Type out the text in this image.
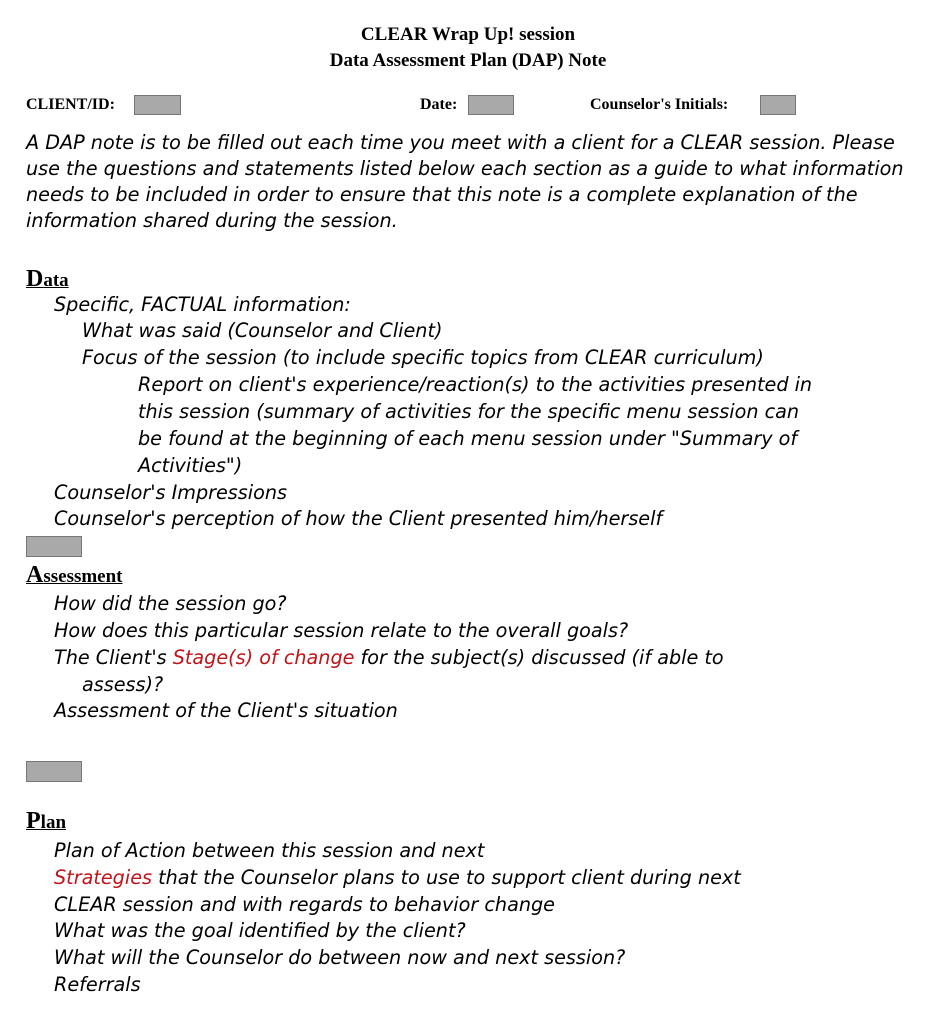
CLEAR Wrap Up! session
Data Assessment Plan (DAP) Note
CLIENT/ID:	Date:	Counselor's Initials:
A DAP note is to be filled out each time you meet with a client for a CLEAR session. Please use the questions and statements listed below each section as a guide to what information needs to be included in order to ensure that this note is a complete explanation of the information shared during the session.
Data
Specific, FACTUAL information:
What was said (Counselor and Client)
Focus of the session (to include specific topics from CLEAR curriculum)
Report on client's experience/reaction(s) to the activities presented in
this session (summary of activities for the specific menu session can
be found at the beginning of each menu session under "Summary of
Activities")
Counselor's Impressions
Counselor's perception of how the Client presented him/herself
Assessment
How did the session go?
How does this particular session relate to the overall goals?
The Client's Stage(s) of change for the subject(s) discussed (if able to
assess)?
Assessment of the Client's situation
Plan
Plan of Action between this session and next
Strategies that the Counselor plans to use to support client during next
CLEAR session and with regards to behavior change
What was the goal identified by the client?
What will the Counselor do between now and next session?
Referrals
